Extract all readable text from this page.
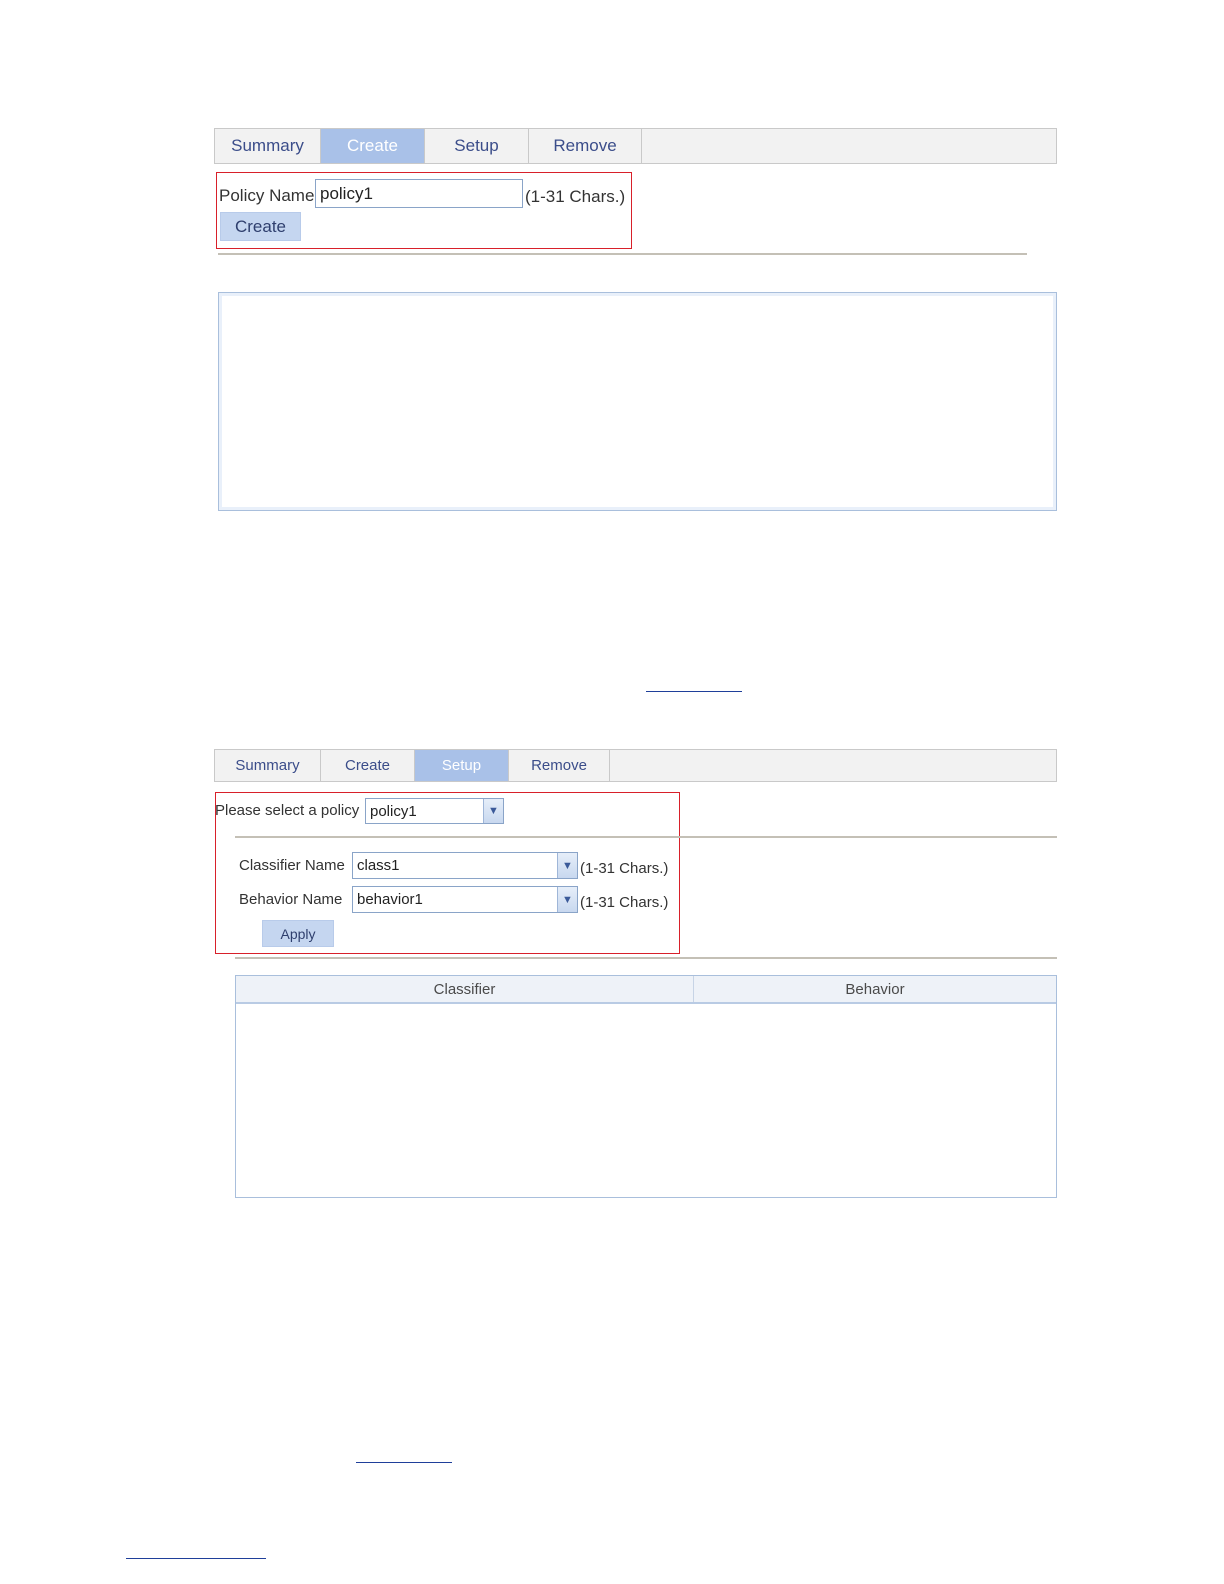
Summary	Create	Setup	Remove
Policy Name
policy1	(1-31 Chars.)
Create
Summary	Create	Setup	Remove
Please select a policy policy1	▼
Classifier Name class1	▼ (1-31 Chars.)
Behavior Name behavior1	▼ (1-31 Chars.)
Apply
Classifier	Behavior
